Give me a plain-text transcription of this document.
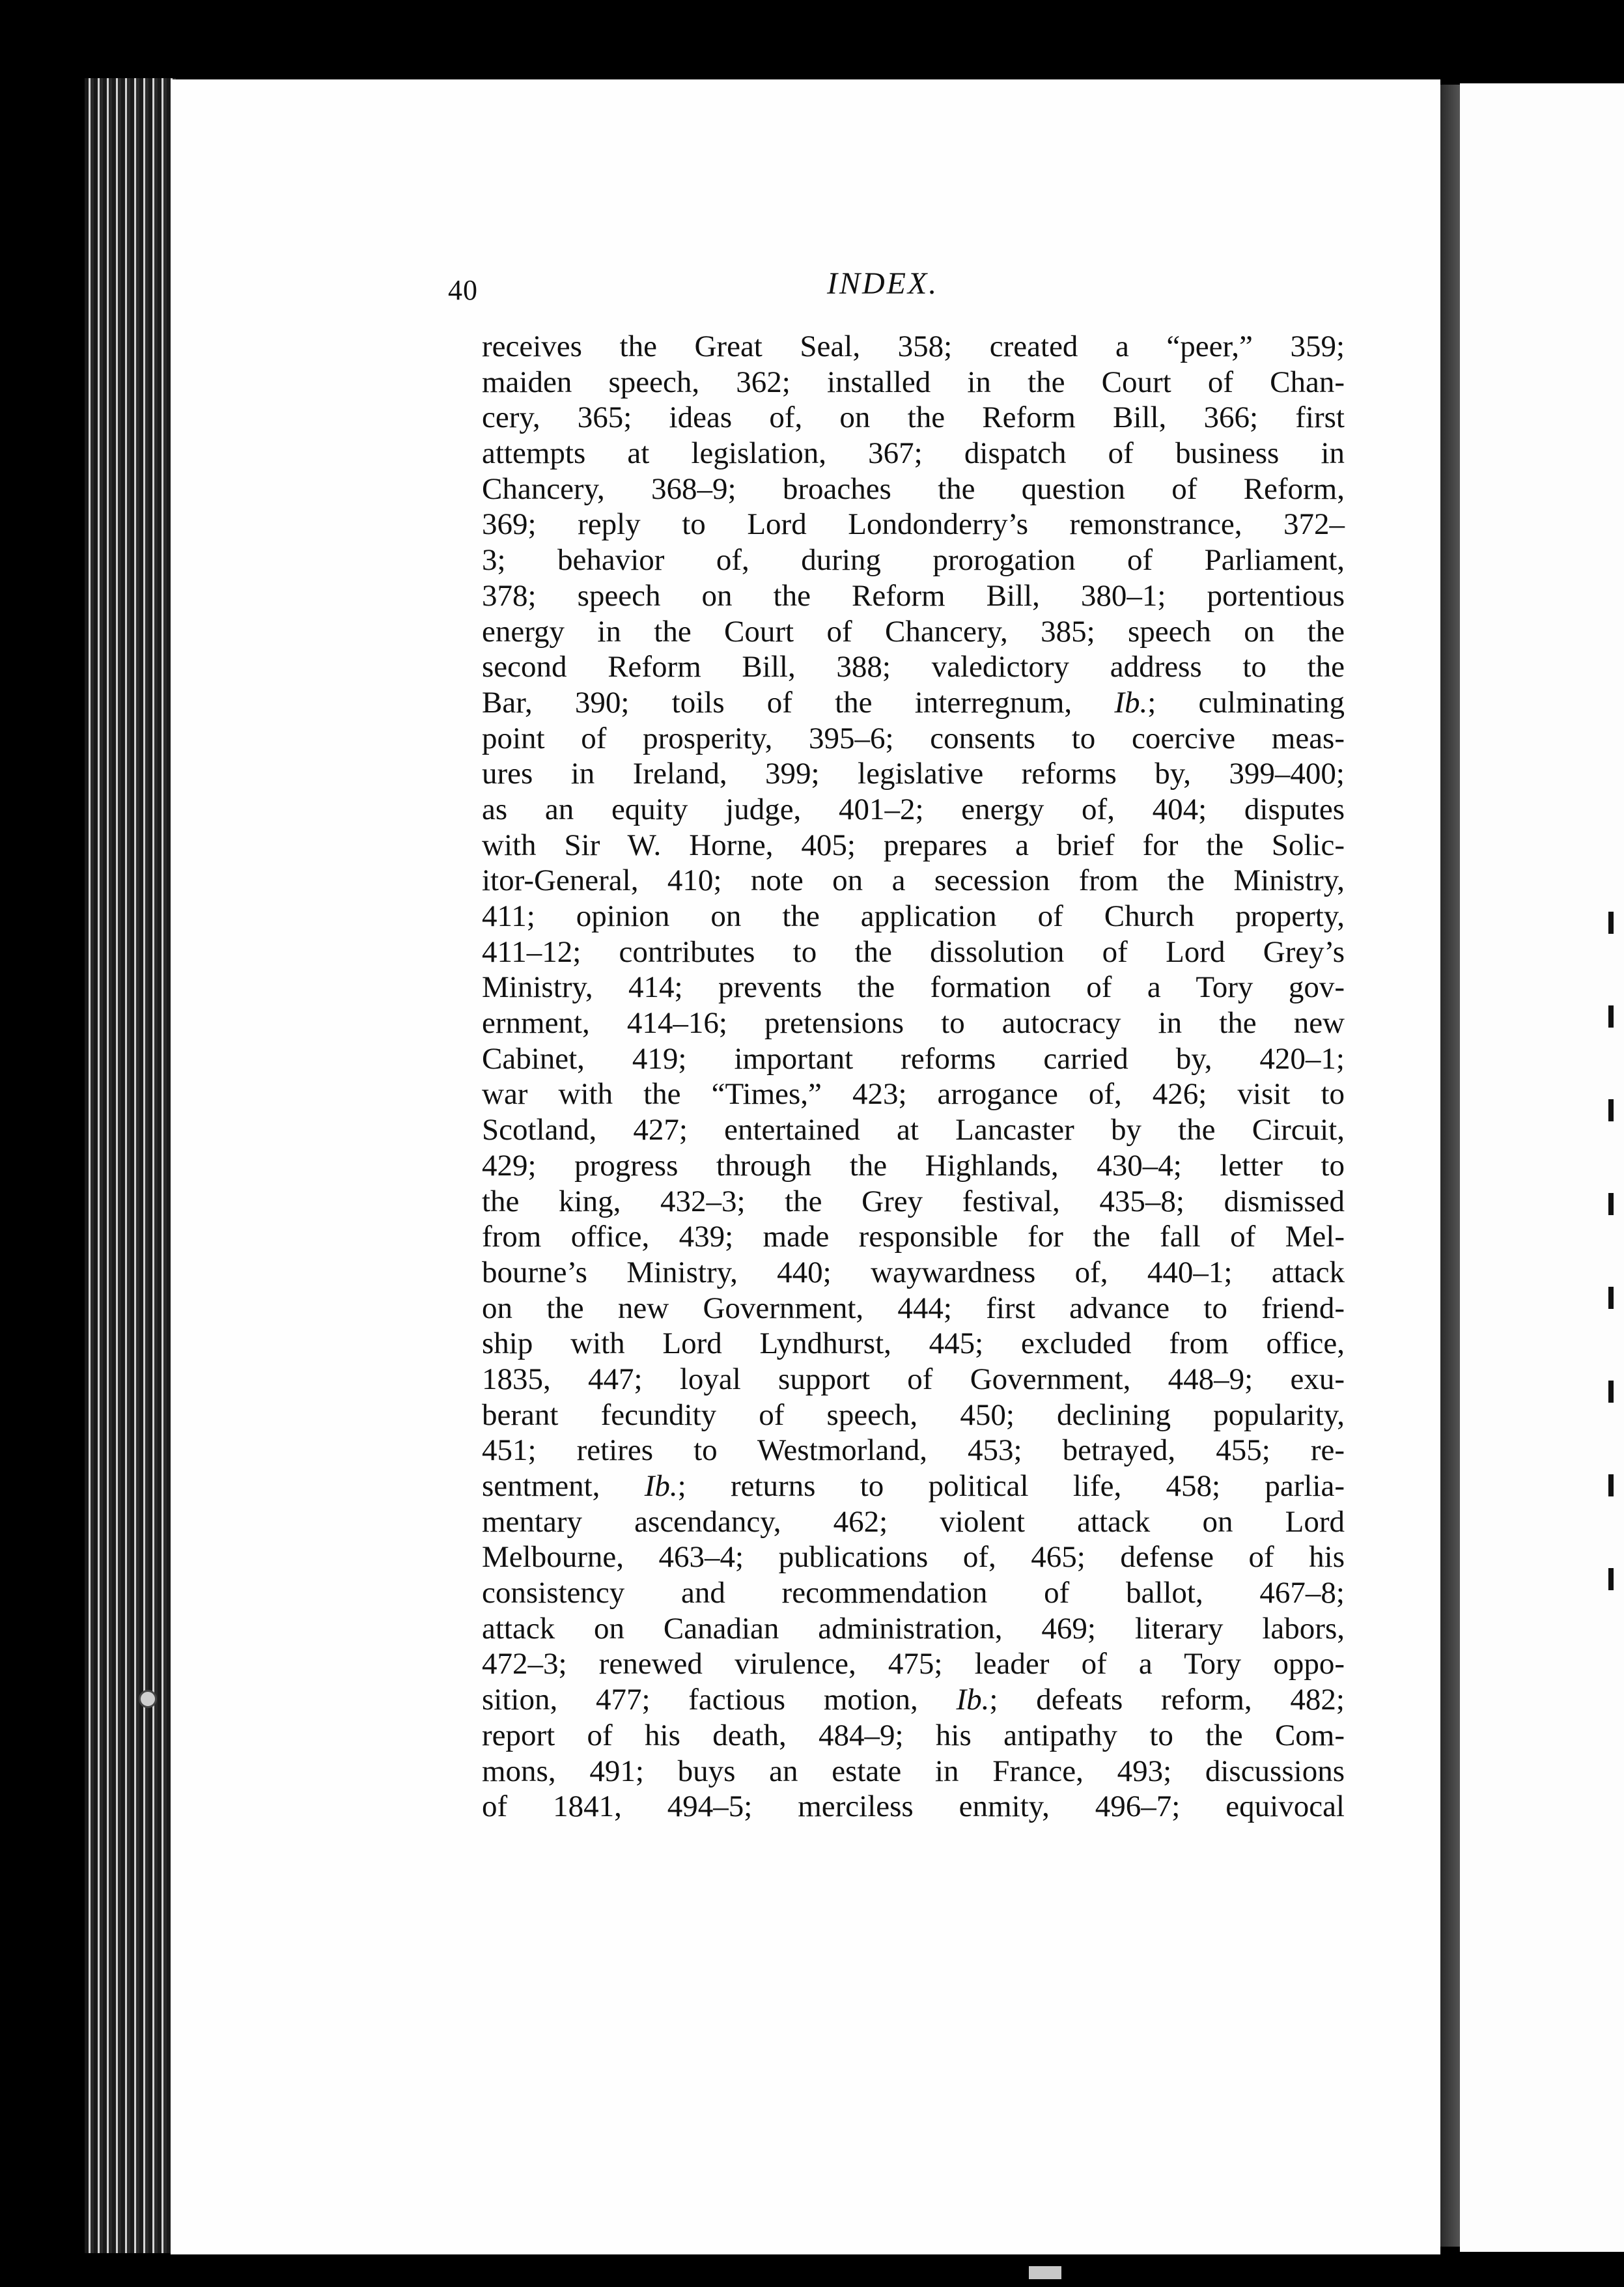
40	INDEX.
receives the Great Seal, 358; created a “peer,” 359;
maiden speech, 362; installed in the Court of Chan-
cery, 365; ideas of, on the Reform Bill, 366; first
attempts at legislation, 367; dispatch of business in
Chancery, 368–9; broaches the question of Reform,
369; reply to Lord Londonderry’s remonstrance, 372–
3; behavior of, during prorogation of Parliament,
378; speech on the Reform Bill, 380–1; portentious
energy in the Court of Chancery, 385; speech on the
second Reform Bill, 388; valedictory address to the
Bar, 390; toils of the interregnum, Ib.; culminating
point of prosperity, 395–6; consents to coercive meas-
ures in Ireland, 399; legislative reforms by, 399–400;
as an equity judge, 401–2; energy of, 404; disputes
with Sir W. Horne, 405; prepares a brief for the Solic-
itor-General, 410; note on a secession from the Ministry,
411; opinion on the application of Church property,
411–12; contributes to the dissolution of Lord Grey’s
Ministry, 414; prevents the formation of a Tory gov-
ernment, 414–16; pretensions to autocracy in the new
Cabinet, 419; important reforms carried by, 420–1;
war with the “Times,” 423; arrogance of, 426; visit to
Scotland, 427; entertained at Lancaster by the Circuit,
429; progress through the Highlands, 430–4; letter to
the king, 432–3; the Grey festival, 435–8; dismissed
from office, 439; made responsible for the fall of Mel-
bourne’s Ministry, 440; waywardness of, 440–1; attack
on the new Government, 444; first advance to friend-
ship with Lord Lyndhurst, 445; excluded from office,
1835, 447; loyal support of Government, 448–9; exu-
berant fecundity of speech, 450; declining popularity,
451; retires to Westmorland, 453; betrayed, 455; re-
sentment, Ib.; returns to political life, 458; parlia-
mentary ascendancy, 462; violent attack on Lord
Melbourne, 463–4; publications of, 465; defense of his
consistency and recommendation of ballot, 467–8;
attack on Canadian administration, 469; literary labors,
472–3; renewed virulence, 475; leader of a Tory oppo-
sition, 477; factious motion, Ib.; defeats reform, 482;
report of his death, 484–9; his antipathy to the Com-
mons, 491; buys an estate in France, 493; discussions
of 1841, 494–5; merciless enmity, 496–7; equivocal
